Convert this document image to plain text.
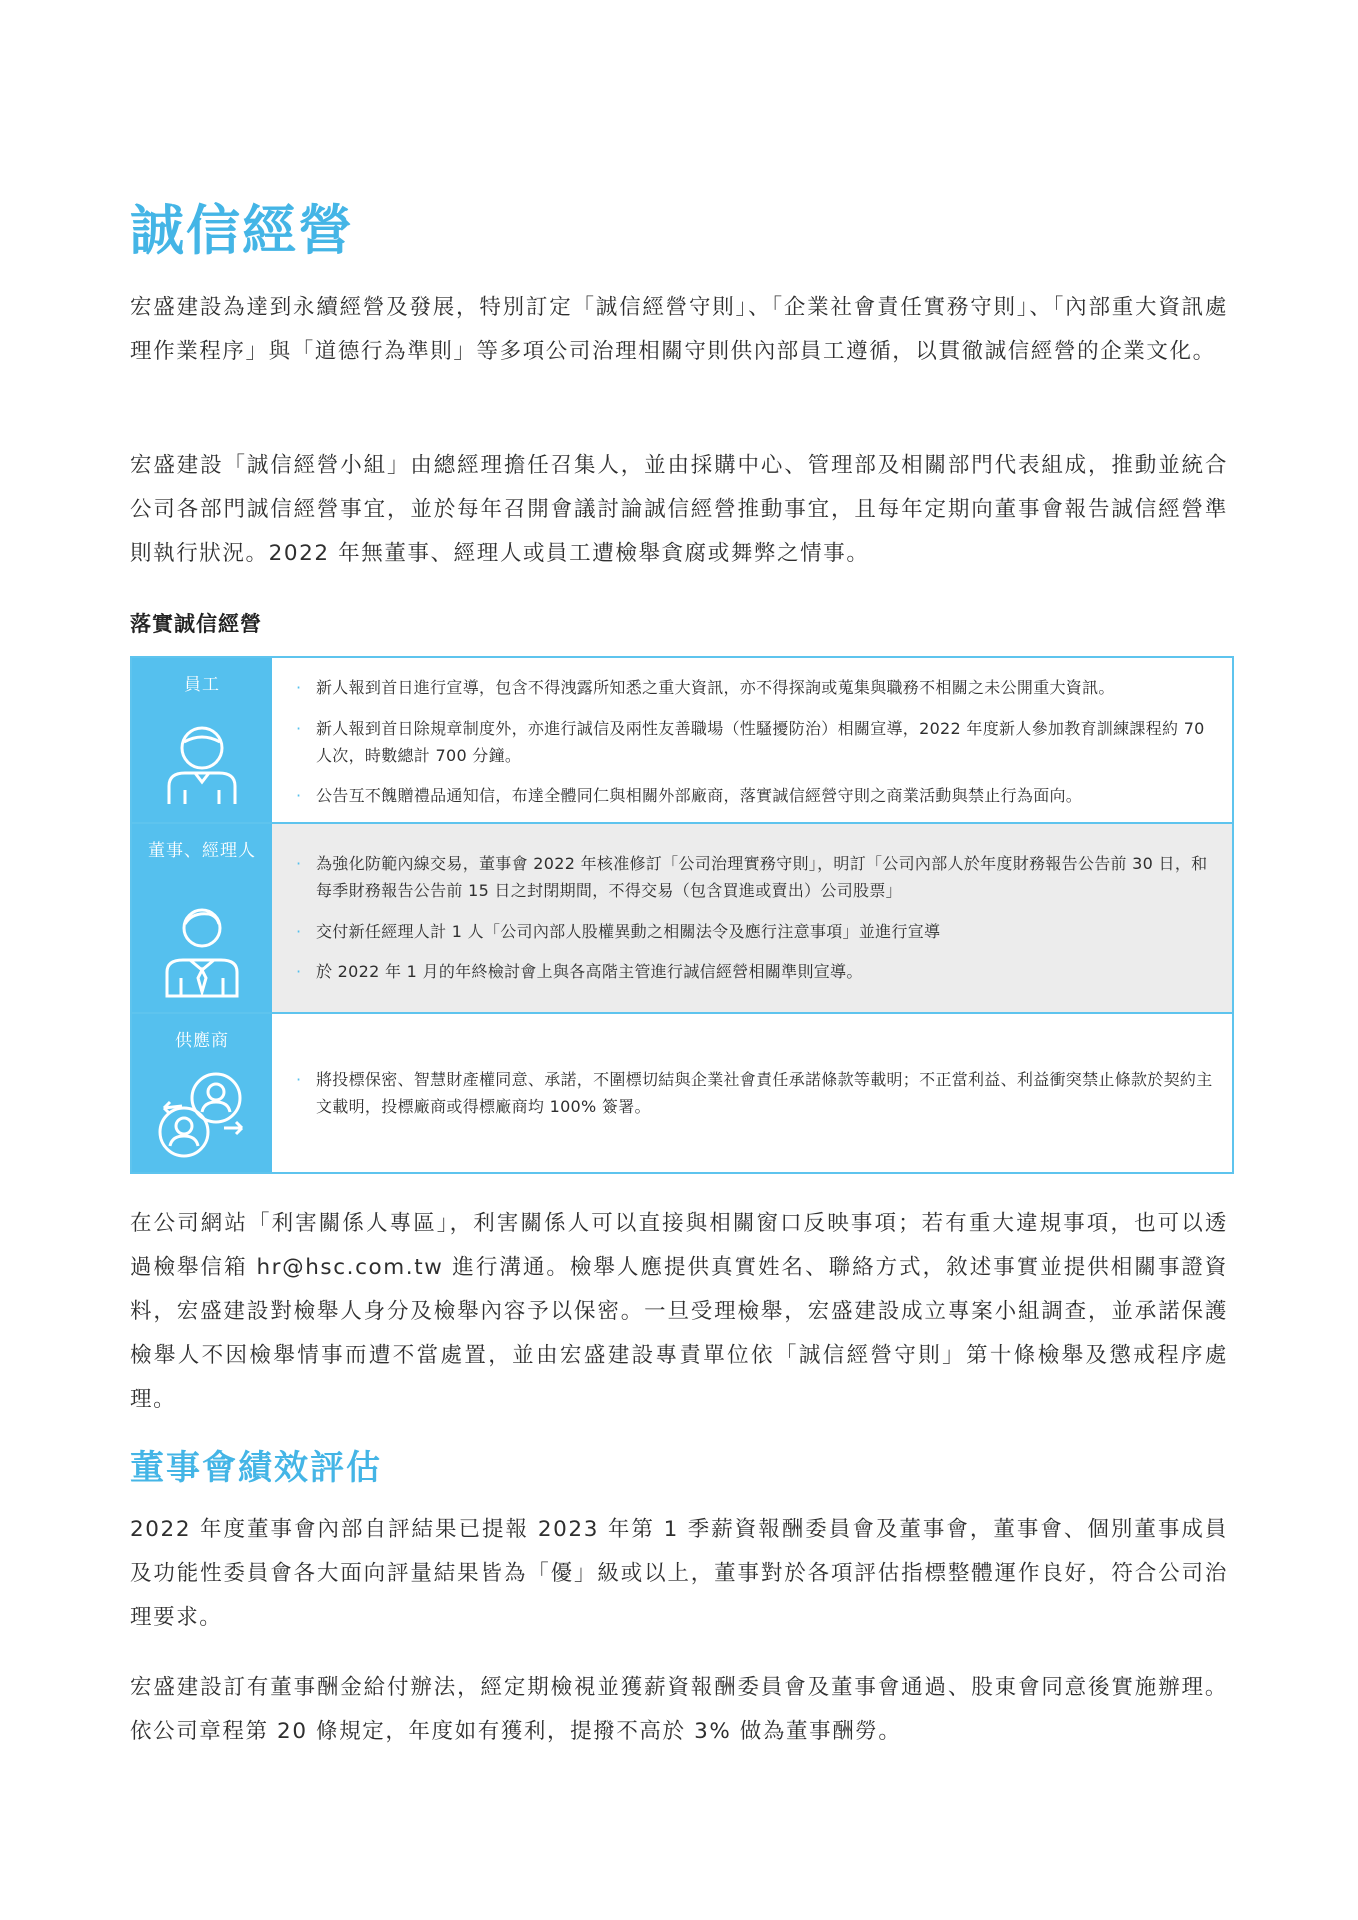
誠信經營
宏盛建設為達到永續經營及發展，特別訂定「誠信經營守則」、「企業社會責任實務守則」、「內部重大資訊處理作業程序」與「道德行為準則」等多項公司治理相關守則供內部員工遵循，以貫徹誠信經營的企業文化。
宏盛建設「誠信經營小組」由總經理擔任召集人，並由採購中心、管理部及相關部門代表組成，推動並統合公司各部門誠信經營事宜，並於每年召開會議討論誠信經營推動事宜，且每年定期向董事會報告誠信經營準則執行狀況。2022 年無董事、經理人或員工遭檢舉貪腐或舞弊之情事。
落實誠信經營
員工	· 新人報到首日進行宣導，包含不得洩露所知悉之重大資訊，亦不得探詢或蒐集與職務不相關之未公開重大資訊。
· 新人報到首日除規章制度外，亦進行誠信及兩性友善職場（性騷擾防治）相關宣導，2022 年度新人參加教育訓練課程約 70 人次，時數總計 700 分鐘。
· 公告互不餽贈禮品通知信，布達全體同仁與相關外部廠商，落實誠信經營守則之商業活動與禁止行為面向。
董事、經理人
· 為強化防範內線交易，董事會 2022 年核准修訂「公司治理實務守則」，明訂「公司內部人於年度財務報告公告前 30 日，和每季財務報告公告前 15 日之封閉期間，不得交易（包含買進或賣出）公司股票」
· 交付新任經理人計 1 人「公司內部人股權異動之相關法令及應行注意事項」並進行宣導
· 於 2022 年 1 月的年終檢討會上與各高階主管進行誠信經營相關準則宣導。
供應商
· 將投標保密、智慧財產權同意、承諾，不圍標切結與企業社會責任承諾條款等載明；不正當利益、利益衝突禁止條款於契約主文載明，投標廠商或得標廠商均 100% 簽署。
在公司網站「利害關係人專區」，利害關係人可以直接與相關窗口反映事項；若有重大違規事項，也可以透過檢舉信箱 hr@hsc.com.tw 進行溝通。檢舉人應提供真實姓名、聯絡方式，敘述事實並提供相關事證資料，宏盛建設對檢舉人身分及檢舉內容予以保密。一旦受理檢舉，宏盛建設成立專案小組調查，並承諾保護檢舉人不因檢舉情事而遭不當處置，並由宏盛建設專責單位依「誠信經營守則」第十條檢舉及懲戒程序處理。
董事會績效評估
2022 年度董事會內部自評結果已提報 2023 年第 1 季薪資報酬委員會及董事會，董事會、個別董事成員及功能性委員會各大面向評量結果皆為「優」級或以上，董事對於各項評估指標整體運作良好，符合公司治理要求。
宏盛建設訂有董事酬金給付辦法，經定期檢視並獲薪資報酬委員會及董事會通過、股東會同意後實施辦理。依公司章程第 20 條規定，年度如有獲利，提撥不高於 3% 做為董事酬勞。
